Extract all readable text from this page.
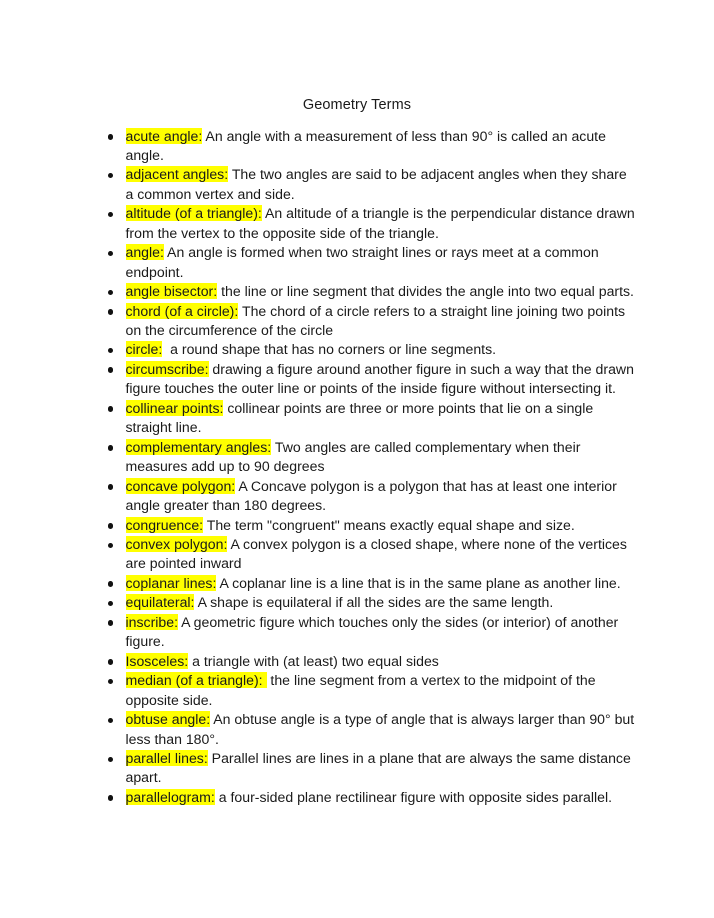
Geometry Terms
acute angle: An angle with a measurement of less than 90° is called an acute angle.
adjacent angles: The two angles are said to be adjacent angles when they share a common vertex and side.
altitude (of a triangle): An altitude of a triangle is the perpendicular distance drawn from the vertex to the opposite side of the triangle.
angle: An angle is formed when two straight lines or rays meet at a common endpoint.
angle bisector: the line or line segment that divides the angle into two equal parts.
chord (of a circle): The chord of a circle refers to a straight line joining two points on the circumference of the circle
circle:  a round shape that has no corners or line segments.
circumscribe: drawing a figure around another figure in such a way that the drawn figure touches the outer line or points of the inside figure without intersecting it.
collinear points: collinear points are three or more points that lie on a single straight line.
complementary angles: Two angles are called complementary when their measures add up to 90 degrees
concave polygon: A Concave polygon is a polygon that has at least one interior angle greater than 180 degrees.
congruence: The term "congruent" means exactly equal shape and size.
convex polygon: A convex polygon is a closed shape, where none of the vertices are pointed inward
coplanar lines: A coplanar line is a line that is in the same plane as another line.
equilateral: A shape is equilateral if all the sides are the same length.
inscribe: A geometric figure which touches only the sides (or interior) of another figure.
Isosceles: a triangle with (at least) two equal sides
median (of a triangle):  the line segment from a vertex to the midpoint of the opposite side.
obtuse angle: An obtuse angle is a type of angle that is always larger than 90° but less than 180°.
parallel lines: Parallel lines are lines in a plane that are always the same distance apart.
parallelogram: a four-sided plane rectilinear figure with opposite sides parallel.
